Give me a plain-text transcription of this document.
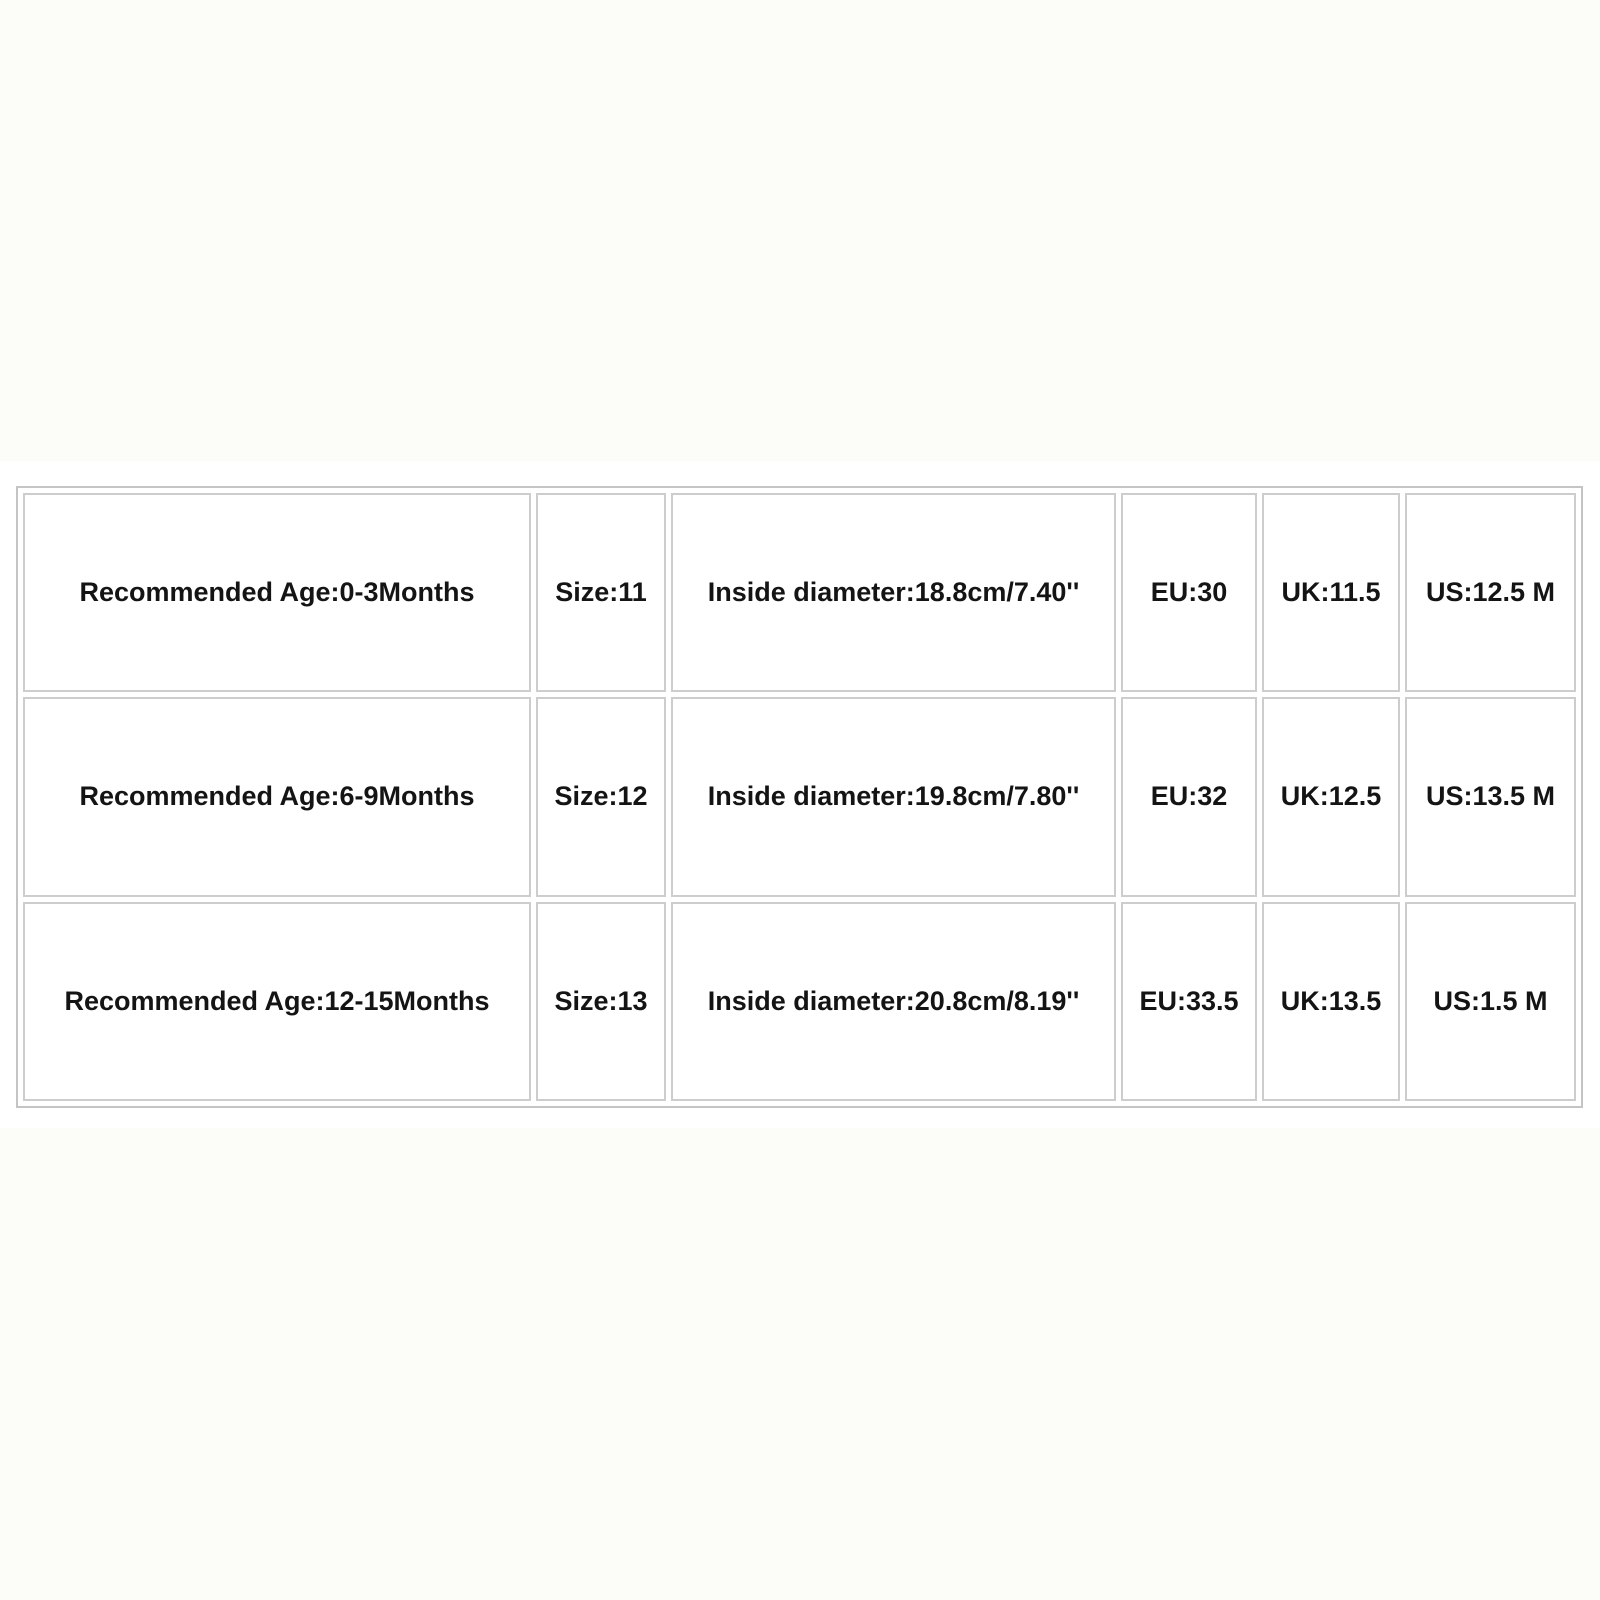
Recommended Age:0-3Months	Size:11	Inside diameter:18.8cm/7.40''	EU:30	UK:11.5	US:12.5 M
Recommended Age:6-9Months	Size:12	Inside diameter:19.8cm/7.80''	EU:32	UK:12.5	US:13.5 M
Recommended Age:12-15Months	Size:13	Inside diameter:20.8cm/8.19''	EU:33.5	UK:13.5	US:1.5 M
